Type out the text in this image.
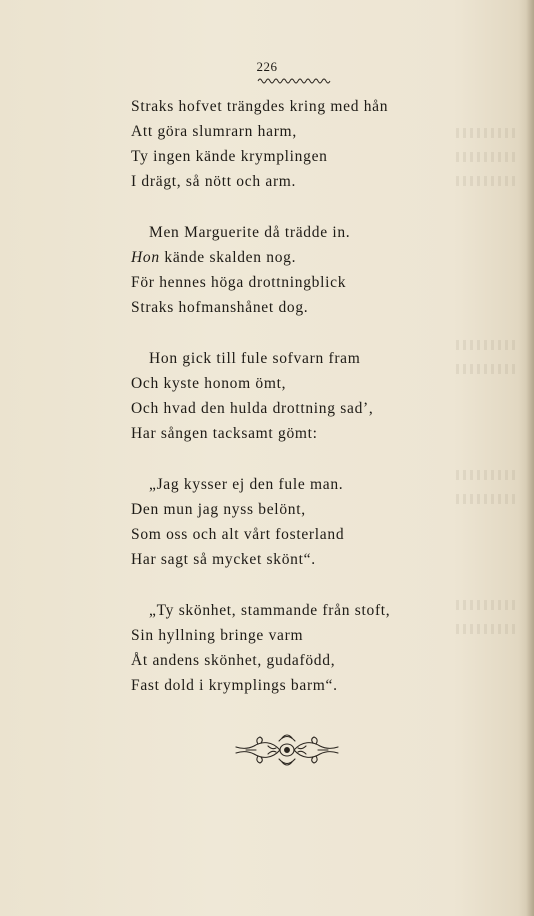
226
Straks hofvet trängdes kring med hån
Att göra slumrarn harm,
Ty ingen kände krymplingen
I drägt, så nött och arm.
Men Marguerite då trädde in.
Hon kände skalden nog.
För hennes höga drottningblick
Straks hofmanshånet dog.
Hon gick till fule sofvarn fram
Och kyste honom ömt,
Och hvad den hulda drottning sad’,
Har sången tacksamt gömt:
„Jag kysser ej den fule man.
Den mun jag nyss belönt,
Som oss och alt vårt fosterland
Har sagt så mycket skönt“.
„Ty skönhet, stammande från stoft,
Sin hyllning bringe varm
Åt andens skönhet, gudafödd,
Fast dold i krymplings barm“.
